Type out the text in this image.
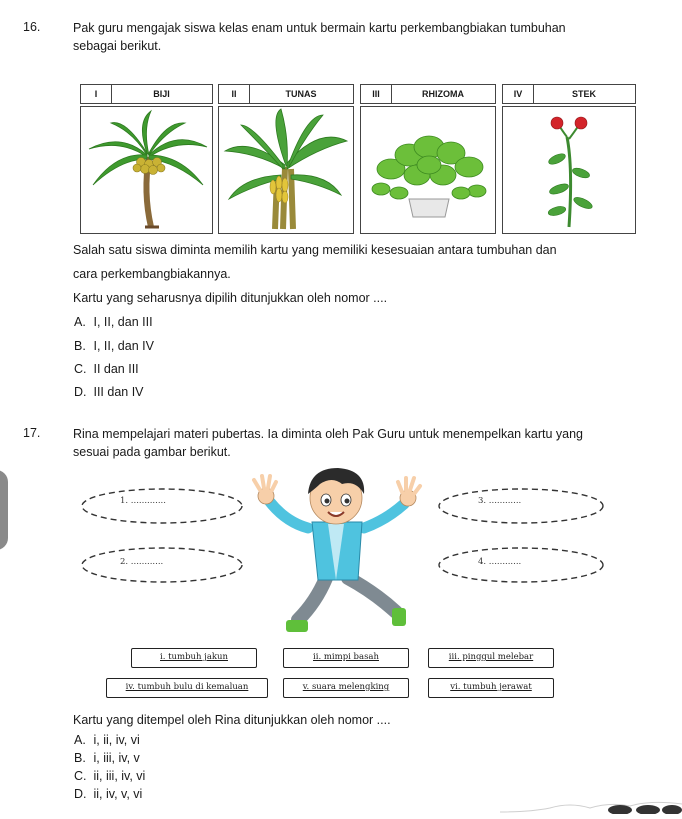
16.	Pak guru mengajak siswa kelas enam untuk bermain kartu perkembangbiakan tumbuhan
sebagai berikut.
I	BIJI	II	TUNAS	III	RHIZOMA	IV	STEK
Salah satu siswa diminta memilih kartu yang memiliki kesesuaian antara tumbuhan dan
cara perkembangbiakannya.
Kartu yang seharusnya dipilih ditunjukkan oleh nomor ....
A. I, II, dan III
B. I, II, dan IV
C. II dan III
D. III dan IV
17.	Rina mempelajari materi pubertas. Ia diminta oleh Pak Guru untuk menempelkan kartu yang
sesuai pada gambar berikut.
1. .............
2. ............
3. ............
4. ............
i. tumbuh jakun	ii. mimpi basah	iii. pinggul melebar
iv. tumbuh bulu di kemaluan	v. suara melengking	vi. tumbuh jerawat
Kartu yang ditempel oleh Rina ditunjukkan oleh nomor ....
A. i, ii, iv, vi
B. i, iii, iv, v
C. ii, iii, iv, vi
D. ii, iv, v, vi
